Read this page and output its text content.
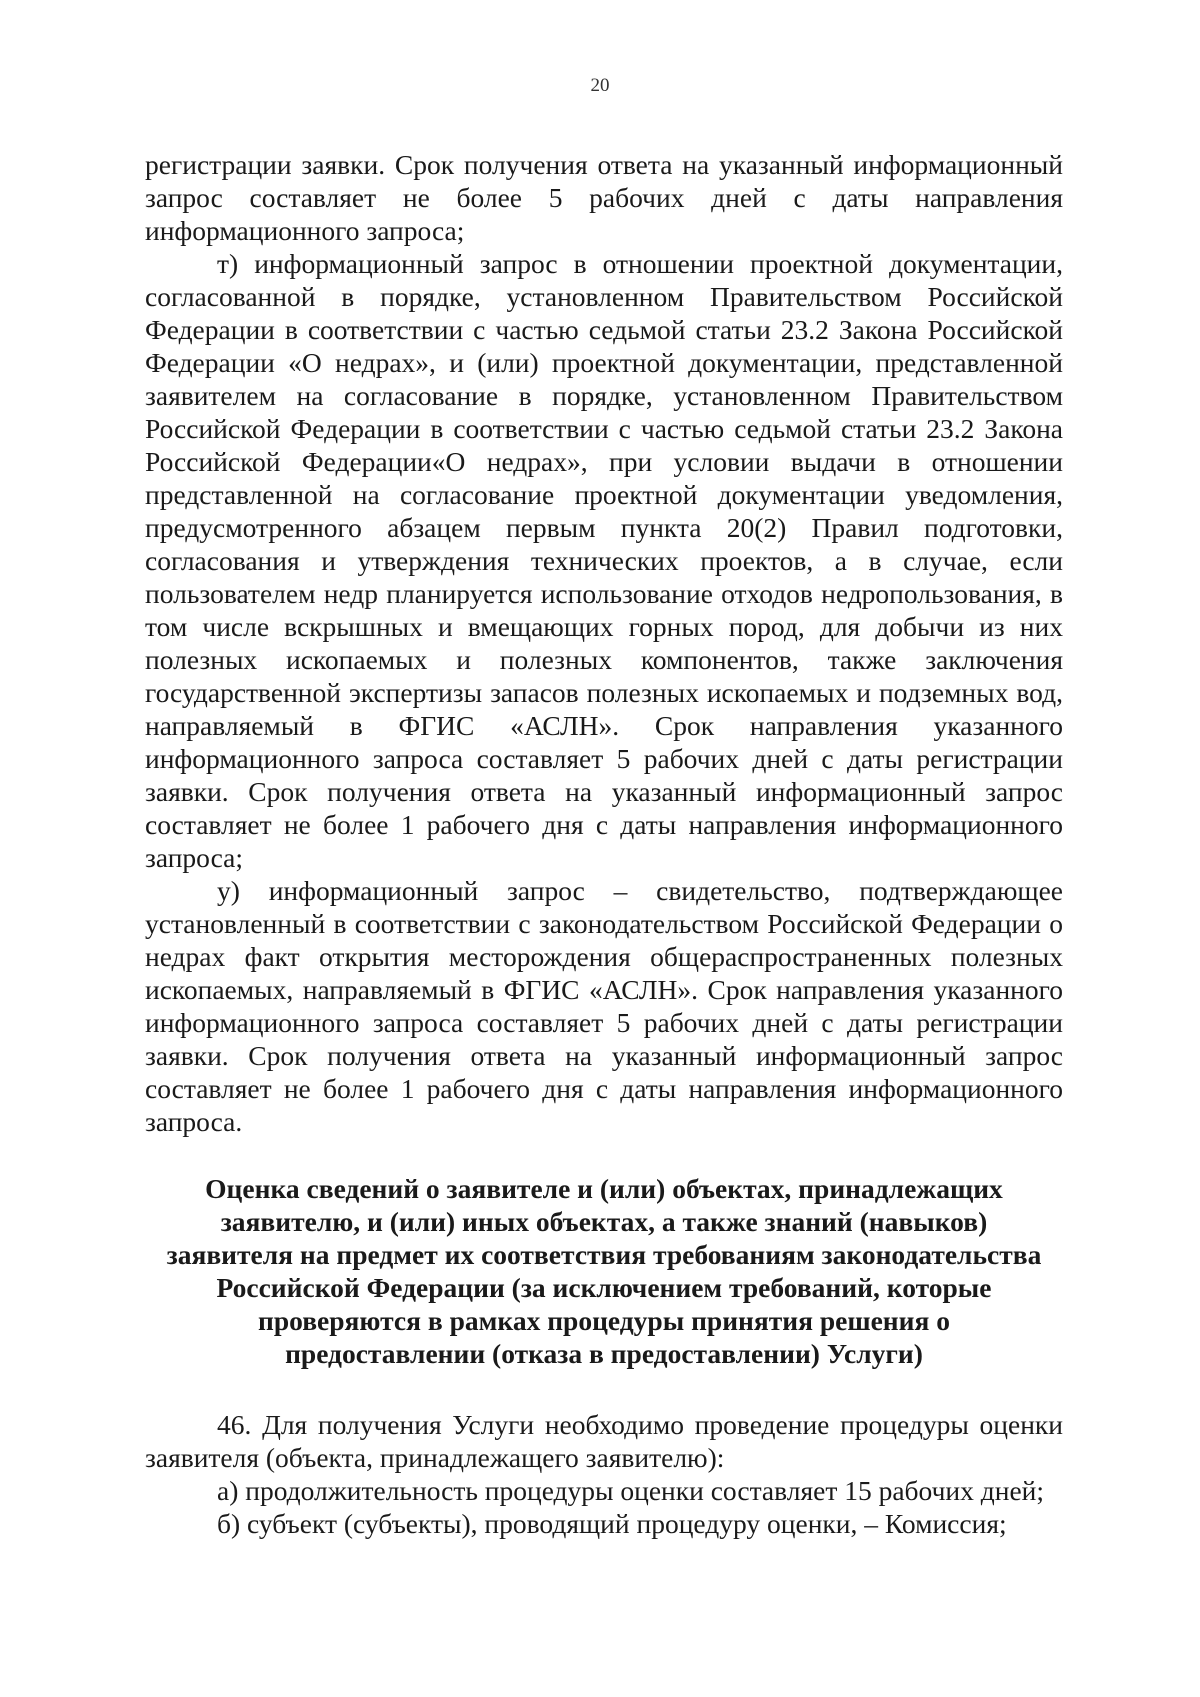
20

регистрации заявки. Срок получения ответа на указанный информационный запрос составляет не более 5 рабочих дней с даты направления информационного запроса;

т) информационный запрос в отношении проектной документации, согласованной в порядке, установленном Правительством Российской Федерации в соответствии с частью седьмой статьи 23.2 Закона Российской Федерации «О недрах», и (или) проектной документации, представленной заявителем на согласование в порядке, установленном Правительством Российской Федерации в соответствии с частью седьмой статьи 23.2 Закона Российской Федерации«О недрах», при условии выдачи в отношении представленной на согласование проектной документации уведомления, предусмотренного абзацем первым пункта 20(2) Правил подготовки, согласования и утверждения технических проектов, а в случае, если пользователем недр планируется использование отходов недропользования, в том числе вскрышных и вмещающих горных пород, для добычи из них полезных ископаемых и полезных компонентов, также заключения государственной экспертизы запасов полезных ископаемых и подземных вод, направляемый в ФГИС «АСЛН». Срок направления указанного информационного запроса составляет 5 рабочих дней с даты регистрации заявки. Срок получения ответа на указанный информационный запрос составляет не более 1 рабочего дня с даты направления информационного запроса;

у) информационный запрос – свидетельство, подтверждающее установленный в соответствии с законодательством Российской Федерации о недрах факт открытия месторождения общераспространенных полезных ископаемых, направляемый в ФГИС «АСЛН». Срок направления указанного информационного запроса составляет 5 рабочих дней с даты регистрации заявки. Срок получения ответа на указанный информационный запрос составляет не более 1 рабочего дня с даты направления информационного запроса.

Оценка сведений о заявителе и (или) объектах, принадлежащих
заявителю, и (или) иных объектах, а также знаний (навыков)
заявителя на предмет их соответствия требованиям законодательства
Российской Федерации (за исключением требований, которые
проверяются в рамках процедуры принятия решения о
предоставлении (отказа в предоставлении) Услуги)

46. Для получения Услуги необходимо проведение процедуры оценки заявителя (объекта, принадлежащего заявителю):

а) продолжительность процедуры оценки составляет 15 рабочих дней;

б) субъект (субъекты), проводящий процедуру оценки, – Комиссия;
